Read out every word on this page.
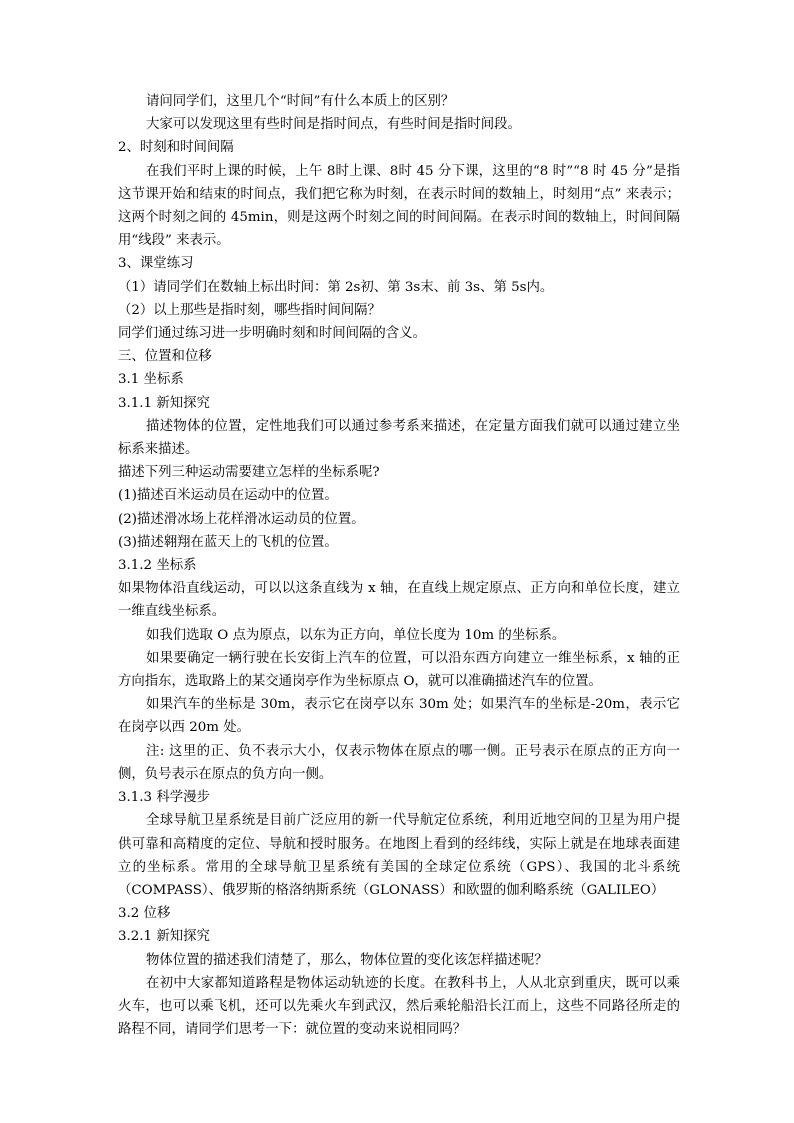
请问同学们，这里几个“时间”有什么本质上的区别？
大家可以发现这里有些时间是指时间点，有些时间是指时间段。
2、时刻和时间间隔
在我们平时上课的时候，上午 8时上课、8时 45 分下课，这里的“8 时”“8 时 45 分”是指这节课开始和结束的时间点，我们把它称为时刻，在表示时间的数轴上，时刻用“点” 来表示；这两个时刻之间的 45min，则是这两个时刻之间的时间间隔。在表示时间的数轴上，时间间隔用“线段” 来表示。
3、课堂练习
（1）请同学们在数轴上标出时间：第 2s初、第 3s末、前 3s、第 5s内。
（2）以上那些是指时刻，哪些指时间间隔？
同学们通过练习进一步明确时刻和时间间隔的含义。
三、位置和位移
3.1 坐标系
3.1.1 新知探究
描述物体的位置，定性地我们可以通过参考系来描述，在定量方面我们就可以通过建立坐标系来描述。
描述下列三种运动需要建立怎样的坐标系呢?
(1)描述百米运动员在运动中的位置。
(2)描述滑冰场上花样滑冰运动员的位置。
(3)描述翱翔在蓝天上的飞机的位置。
3.1.2 坐标系
如果物体沿直线运动，可以以这条直线为 x 轴，在直线上规定原点、正方向和单位长度，建立一维直线坐标系。
如我们选取 O 点为原点，以东为正方向，单位长度为 10m 的坐标系。
如果要确定一辆行驶在长安街上汽车的位置，可以沿东西方向建立一维坐标系，x 轴的正方向指东，选取路上的某交通岗亭作为坐标原点 O，就可以准确描述汽车的位置。
如果汽车的坐标是 30m，表示它在岗亭以东 30m 处；如果汽车的坐标是-20m，表示它在岗亭以西 20m 处。
注: 这里的正、负不表示大小，仅表示物体在原点的哪一侧。正号表示在原点的正方向一侧，负号表示在原点的负方向一侧。
3.1.3 科学漫步
全球导航卫星系统是目前广泛应用的新一代导航定位系统，利用近地空间的卫星为用户提供可靠和高精度的定位、导航和授时服务。在地图上看到的经纬线，实际上就是在地球表面建立的坐标系。常用的全球导航卫星系统有美国的全球定位系统（GPS）、我国的北斗系统（COMPASS）、俄罗斯的格洛纳斯系统（GLONASS）和欧盟的伽利略系统（GALILEO）
3.2 位移
3.2.1 新知探究
物体位置的描述我们清楚了，那么，物体位置的变化该怎样描述呢？
在初中大家都知道路程是物体运动轨迹的长度。在教科书上，人从北京到重庆，既可以乘火车，也可以乘飞机，还可以先乘火车到武汉，然后乘轮船沿长江而上，这些不同路径所走的路程不同，请同学们思考一下：就位置的变动来说相同吗？
